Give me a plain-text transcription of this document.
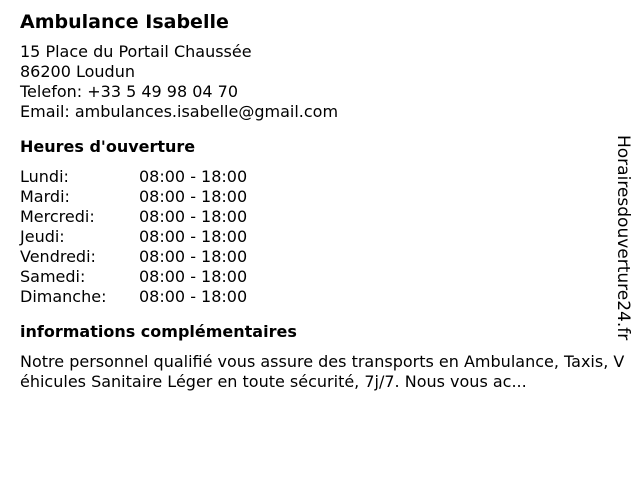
Ambulance Isabelle
15 Place du Portail Chaussée
86200 Loudun
Telefon: +33 5 49 98 04 70
Email: ambulances.isabelle@gmail.com
Heures d'ouverture
Lundi:	08:00 - 18:00
Mardi:	08:00 - 18:00
Mercredi:	08:00 - 18:00
Jeudi:	08:00 - 18:00
Vendredi:	08:00 - 18:00
Samedi:	08:00 - 18:00
Dimanche: 08:00 - 18:00
informations complémentaires
Notre personnel qualifié vous assure des transports en Ambulance, Taxis, Véhicules Sanitaire Léger en toute sécurité, 7j/7. Nous vous ac...
Horairesdouverture24.fr
